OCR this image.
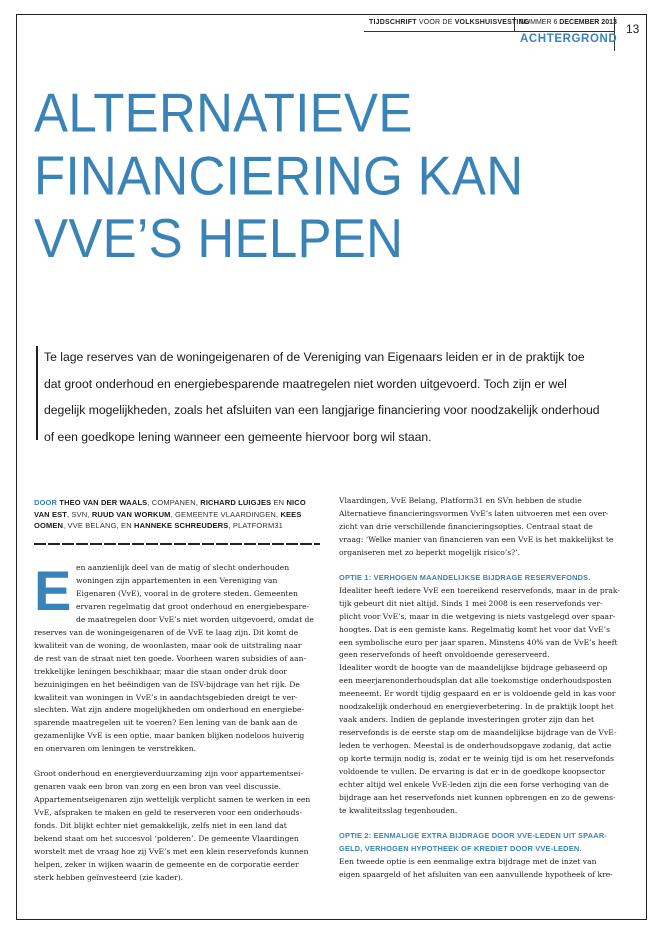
TIJDSCHRIFT VOOR DE VOLKSHUISVESTING
NUMMER 6 DECEMBER 2013
ACHTERGROND
13
ALTERNATIEVE
FINANCIERING KAN
VVE’S HELPEN
Te lage reserves van de woningeigenaren of de Vereniging van Eigenaars leiden er in de praktijk toe
dat groot onderhoud en energiebesparende maatregelen niet worden uitgevoerd. Toch zijn er wel
degelijk mogelijkheden, zoals het afsluiten van een langjarige financiering voor noodzakelijk onderhoud
of een goedkope lening wanneer een gemeente hiervoor borg wil staan.
DOOR THEO VAN DER WAALS, COMPANEN, RICHARD LUIGJES EN NICO
VAN EST, SVN, RUUD VAN WORKUM, GEMEENTE VLAARDINGEN, KEES
OOMEN, VVE BELANG, EN HANNEKE SCHREUDERS, PLATFORM31
E en aanzienlijk deel van de matig of slecht onderhouden
woningen zijn appartementen in een Vereniging van
Eigenaren (VvE), vooral in de grotere steden. Gemeenten
ervaren regelmatig dat groot onderhoud en energiebespare-
de maatregelen door VvE’s niet worden uitgevoerd, omdat de
reserves van de woningeigenaren of de VvE te laag zijn. Dit komt de
kwaliteit van de woning, de woonlasten, maar ook de uitstraling naar
de rest van de straat niet ten goede. Voorheen waren subsidies of aan-
trekkelijke leningen beschikbaar, maar die staan onder druk door
bezuinigingen en het beëindigen van de ISV-bijdrage van het rijk. De
kwaliteit van woningen in VvE’s in aandachtsgebieden dreigt te ver-
slechten. Wat zijn andere mogelijkheden om onderhoud en energiebe-
sparende maatregelen uit te voeren? Een lening van de bank aan de
gezamenlijke VvE is een optie, maar banken blijken nodeloos huiverig
en onervaren om leningen te verstrekken.
Groot onderhoud en energieverduurzaming zijn voor appartementsei-
genaren vaak een bron van zorg en een bron van veel discussie.
Appartementseigenaren zijn wettelijk verplicht samen te werken in een
VvE, afspraken te maken en geld te reserveren voor een onderhouds-
fonds. Dit blijkt echter niet gemakkelijk, zelfs niet in een land dat
bekend staat om het succesvol ‘polderen’. De gemeente Vlaardingen
worstelt met de vraag hoe zij VvE’s met een klein reservefonds kunnen
helpen, zeker in wijken waarin de gemeente en de corporatie eerder
sterk hebben geïnvesteerd (zie kader).
Vlaardingen, VvE Belang, Platform31 en SVn hebben de studie
Alternatieve financieringsvormen VvE’s laten uitvoeren met een over-
zicht van drie verschillende financieringsopties. Centraal staat de
vraag: ‘Welke manier van financieren van een VvE is het makkelijkst te
organiseren met zo beperkt mogelijk risico’s?’.
OPTIE 1: VERHOGEN MAANDELIJKSE BIJDRAGE RESERVEFONDS.
Idealiter heeft iedere VvE een toereikend reservefonds, maar in de prak-
tijk gebeurt dit niet altijd. Sinds 1 mei 2008 is een reservefonds ver-
plicht voor VvE’s, maar in die wetgeving is niets vastgelegd over spaar-
hoogtes. Dat is een gemiste kans. Regelmatig komt het voor dat VvE’s
een symbolische euro per jaar sparen. Minstens 40% van de VvE’s heeft
geen reservefonds of heeft onvoldoende gereserveerd.
Idealiter wordt de hoogte van de maandelijkse bijdrage gebaseerd op
een meerjarenonderhoudsplan dat alle toekomstige onderhoudsposten
meeneemt. Er wordt tijdig gespaard en er is voldoende geld in kas voor
noodzakelijk onderhoud en energieverbetering. In de praktijk loopt het
vaak anders. Indien de geplande investeringen groter zijn dan het
reservefonds is de eerste stap om de maandelijkse bijdrage van de VvE-
leden te verhogen. Meestal is de onderhoudsopgave zodanig, dat actie
op korte termijn nodig is, zodat er te weinig tijd is om het reservefonds
voldoende te vullen. De ervaring is dat er in de goedkope koopsector
echter altijd wel enkele VvE-leden zijn die een forse verhoging van de
bijdrage aan het reservefonds niet kunnen opbrengen en zo de gewens-
te kwaliteitsslag tegenhouden.
OPTIE 2: EENMALIGE EXTRA BIJDRAGE DOOR VVE-LEDEN UIT SPAAR-
GELD, VERHOGEN HYPOTHEEK OF KREDIET DOOR VVE-LEDEN.
Een tweede optie is een eenmalige extra bijdrage met de inzet van
eigen spaargeld of het afsluiten van een aanvullende hypotheek of kre-
